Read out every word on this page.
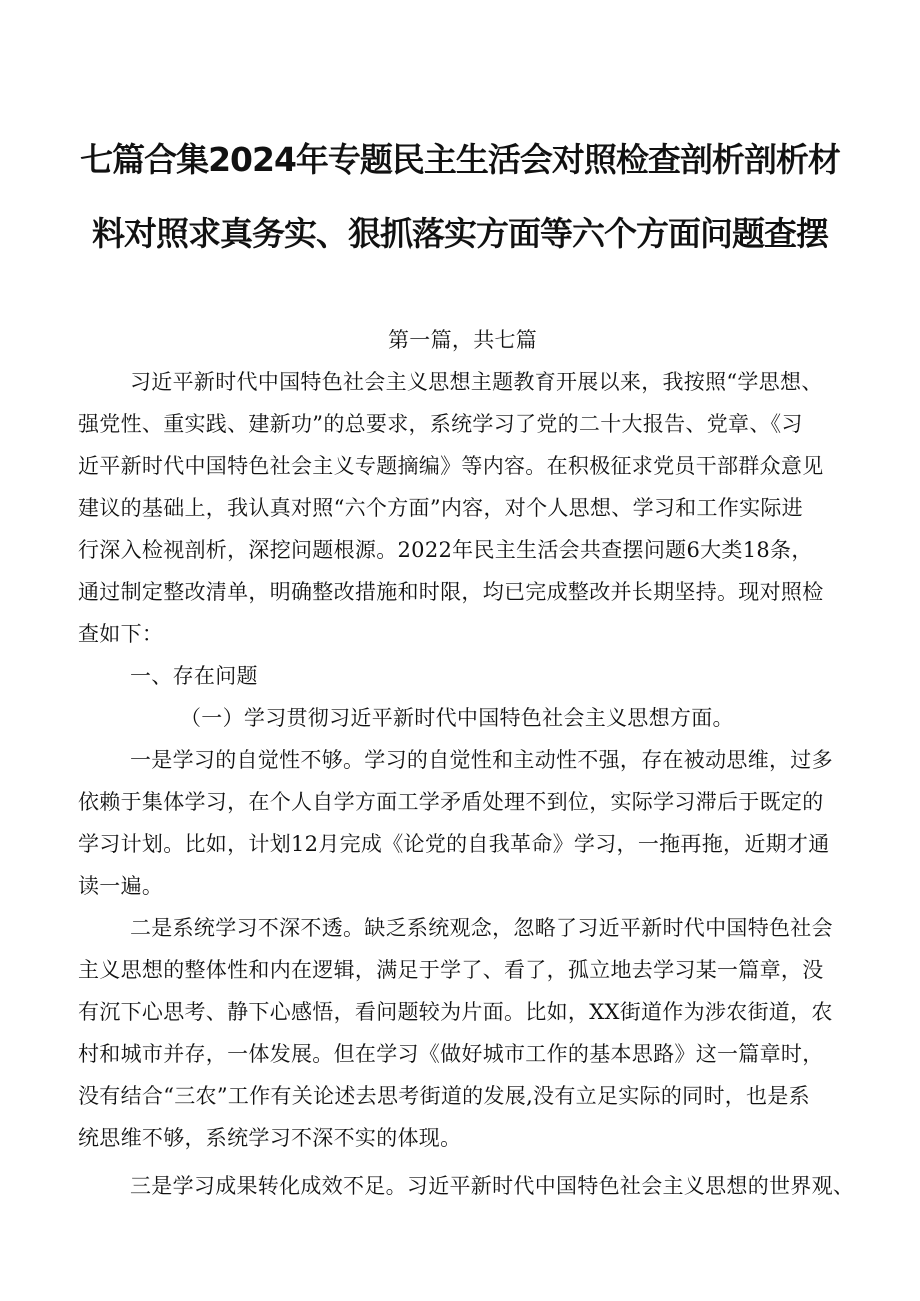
七篇合集2024年专题民主生活会对照检查剖析剖析材
料对照求真务实、狠抓落实方面等六个方面问题查摆
第一篇，共七篇
习近平新时代中国特色社会主义思想主题教育开展以来，我按照“学思想、
强党性、重实践、建新功”的总要求，系统学习了党的二十大报告、党章、《习
近平新时代中国特色社会主义专题摘编》等内容。在积极征求党员干部群众意见
建议的基础上，我认真对照“六个方面”内容，对个人思想、学习和工作实际进
行深入检视剖析，深挖问题根源。2022年民主生活会共查摆问题6大类18条，
通过制定整改清单，明确整改措施和时限，均已完成整改并长期坚持。现对照检
查如下：
一、存在问题
（一）学习贯彻习近平新时代中国特色社会主义思想方面。
一是学习的自觉性不够。学习的自觉性和主动性不强，存在被动思维，过多
依赖于集体学习，在个人自学方面工学矛盾处理不到位，实际学习滞后于既定的
学习计划。比如，计划12月完成《论党的自我革命》学习，一拖再拖，近期才通
读一遍。
二是系统学习不深不透。缺乏系统观念，忽略了习近平新时代中国特色社会
主义思想的整体性和内在逻辑，满足于学了、看了，孤立地去学习某一篇章，没
有沉下心思考、静下心感悟，看问题较为片面。比如，XX街道作为涉农街道，农
村和城市并存，一体发展。但在学习《做好城市工作的基本思路》这一篇章时，
没有结合“三农”工作有关论述去思考街道的发展,没有立足实际的同时，也是系
统思维不够，系统学习不深不实的体现。
三是学习成果转化成效不足。习近平新时代中国特色社会主义思想的世界观、
